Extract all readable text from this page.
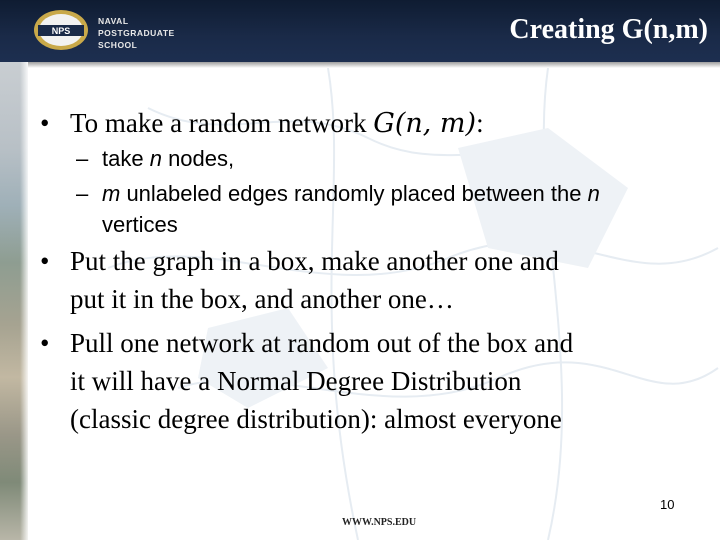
NPS
NAVAL
POSTGRADUATE
SCHOOL	Creating G(n,m)
• To make a random network G(n, m):
– take n nodes,
– m unlabeled edges randomly placed between the n
vertices
• Put the graph in a box, make another one and
put it in the box, and another one…
• Pull one network at random out of the box and
it will have a Normal Degree Distribution
(classic degree distribution): almost everyone
10
WWW.NPS.EDU
